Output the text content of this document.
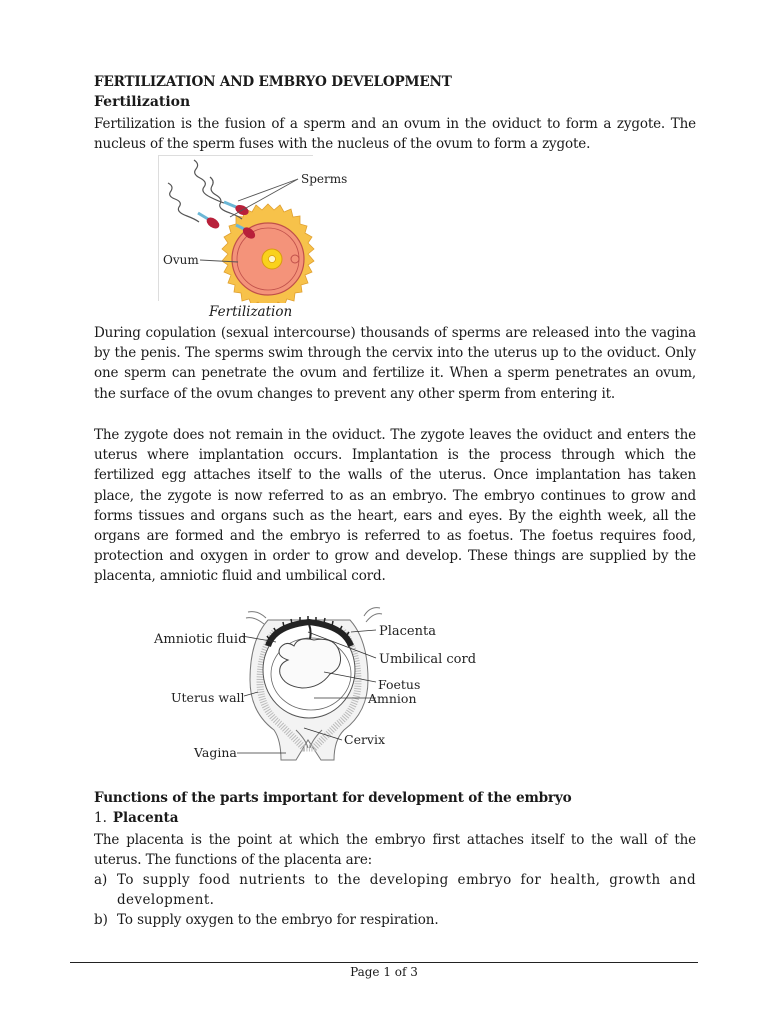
FERTILIZATION AND EMBRYO DEVELOPMENT
Fertilization
Fertilization is the fusion of a sperm and an ovum in the oviduct to form a zygote. The nucleus of the sperm fuses with the nucleus of the ovum to form a zygote.
Sperms
Ovum
Fertilization
During copulation (sexual intercourse) thousands of sperms are released into the vagina by the penis. The sperms swim through the cervix into the uterus up to the oviduct. Only one sperm can penetrate the ovum and fertilize it. When a sperm penetrates an ovum, the surface of the ovum changes to prevent any other sperm from entering it.
The zygote does not remain in the oviduct. The zygote leaves the oviduct and enters the uterus where implantation occurs. Implantation is the process through which the fertilized egg attaches itself to the walls of the uterus. Once implantation has taken place, the zygote is now referred to as an embryo. The embryo continues to grow and forms tissues and organs such as the heart, ears and eyes. By the eighth week, all the organs are formed and the embryo is referred to as foetus. The foetus requires food, protection and oxygen in order to grow and develop. These things are supplied by the placenta, amniotic fluid and umbilical cord.
Amniotic fluid
Placenta
Umbilical cord
Foetus
Amnion
Uterus wall
Cervix
Vagina
Functions of the parts important for development of the embryo
1. Placenta
The placenta is the point at which the embryo first attaches itself to the wall of the uterus. The functions of the placenta are:
a) To supply food nutrients to the developing embryo for health, growth and development.
b) To supply oxygen to the embryo for respiration.
Page 1 of 3
